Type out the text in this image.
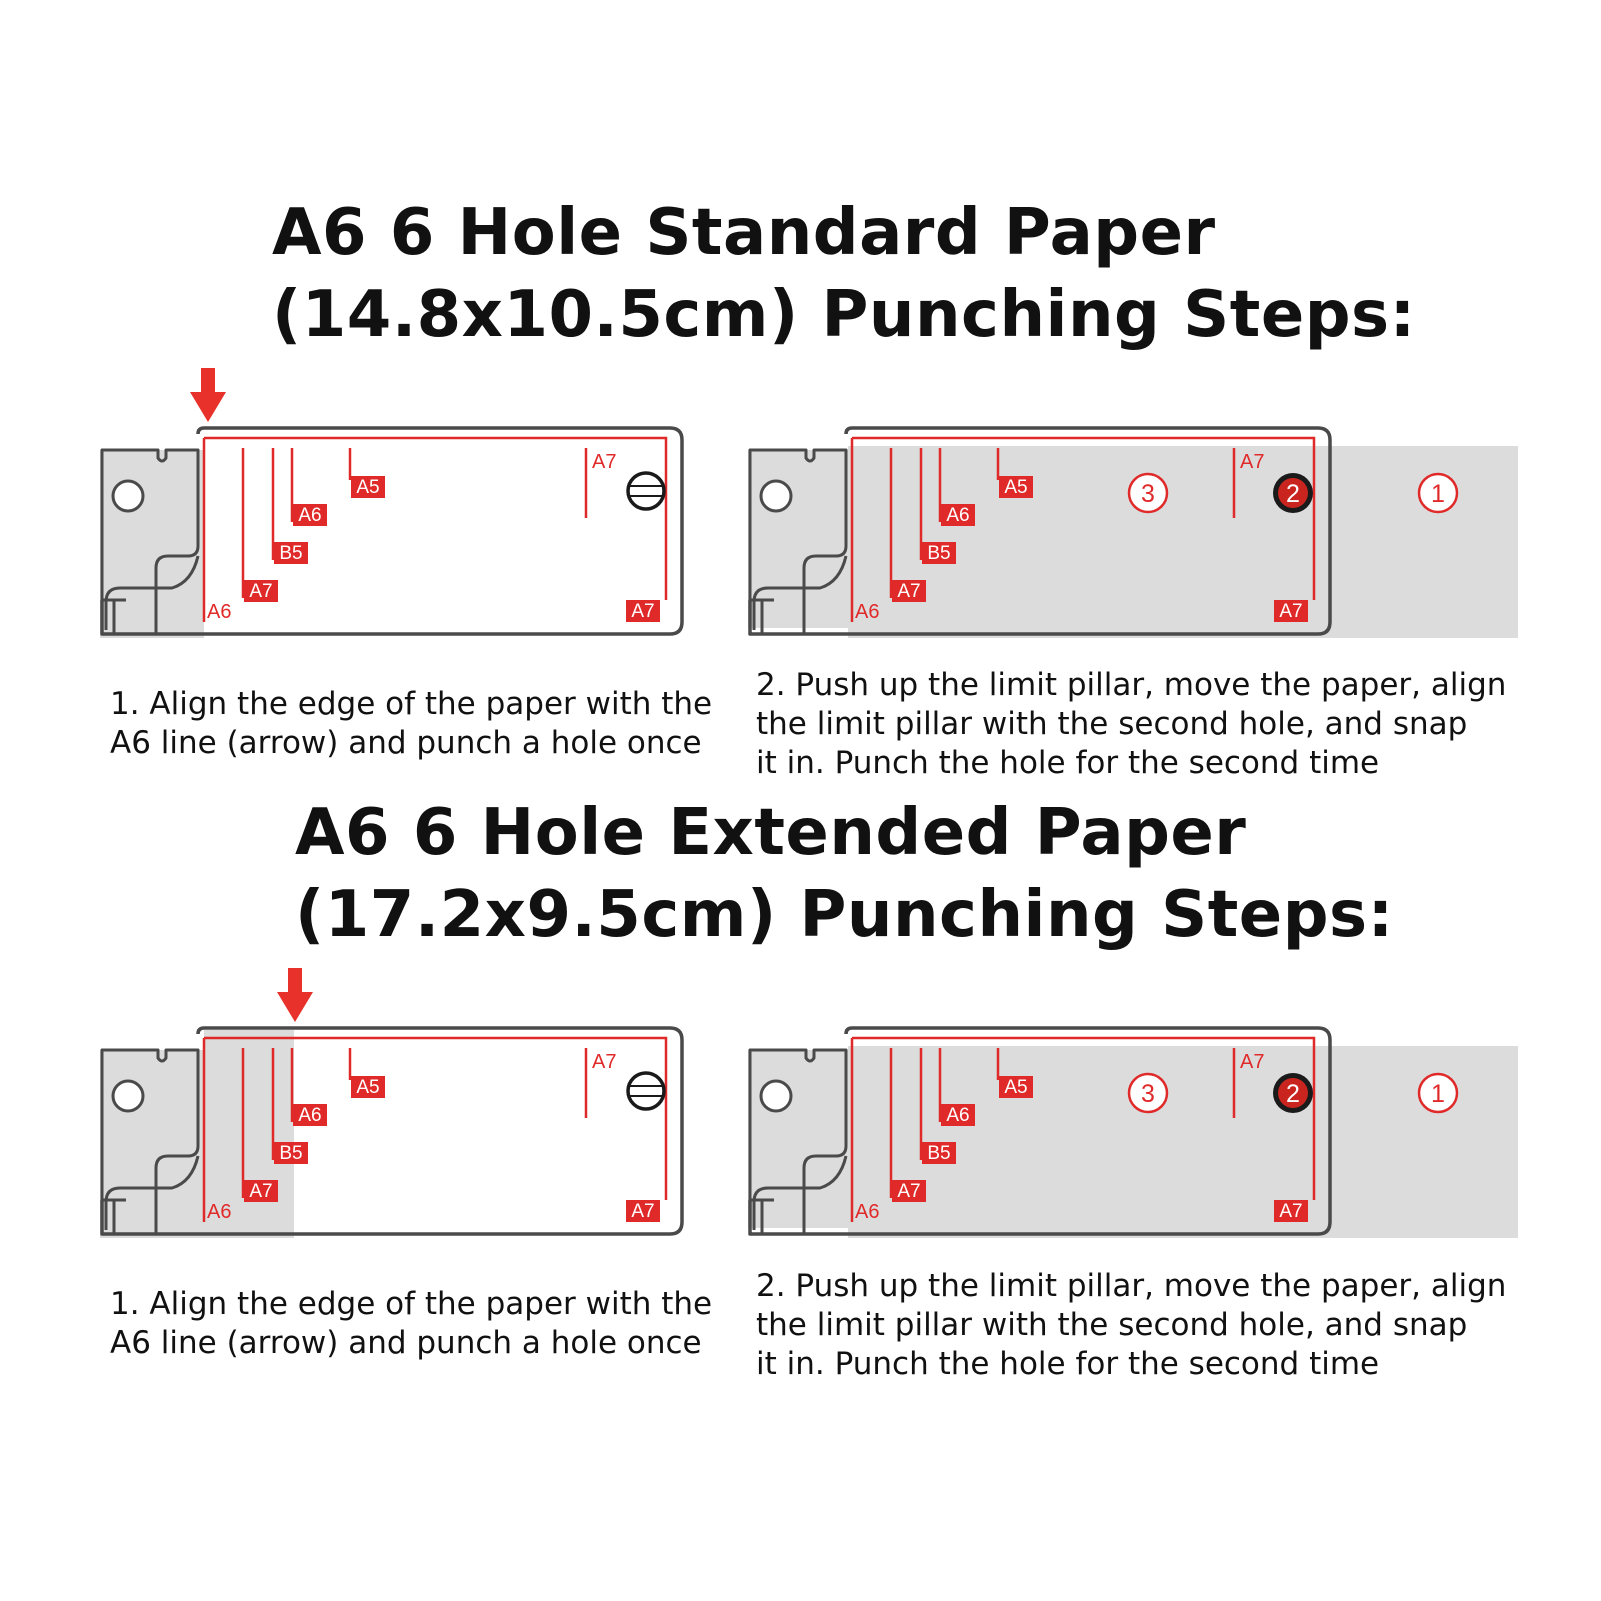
A6 6 Hole Standard Paper
(14.8x10.5cm) Punching Steps:
A5
A6
B5
A7
A7
A6
A7
A5
A6
B5
A7
A7
A6
A7
3	2	1
1. Align the edge of the paper with the
A6 line (arrow) and punch a hole once
2. Push up the limit pillar, move the paper, align
the limit pillar with the second hole, and snap
it in. Punch the hole for the second time
A6 6 Hole Extended Paper
(17.2x9.5cm) Punching Steps:
A5
A6
B5
A7
A7
A6
A7
A5
A6
B5
A7
A7
A6
A7
3	2	1
1. Align the edge of the paper with the
A6 line (arrow) and punch a hole once
2. Push up the limit pillar, move the paper, align
the limit pillar with the second hole, and snap
it in. Punch the hole for the second time
